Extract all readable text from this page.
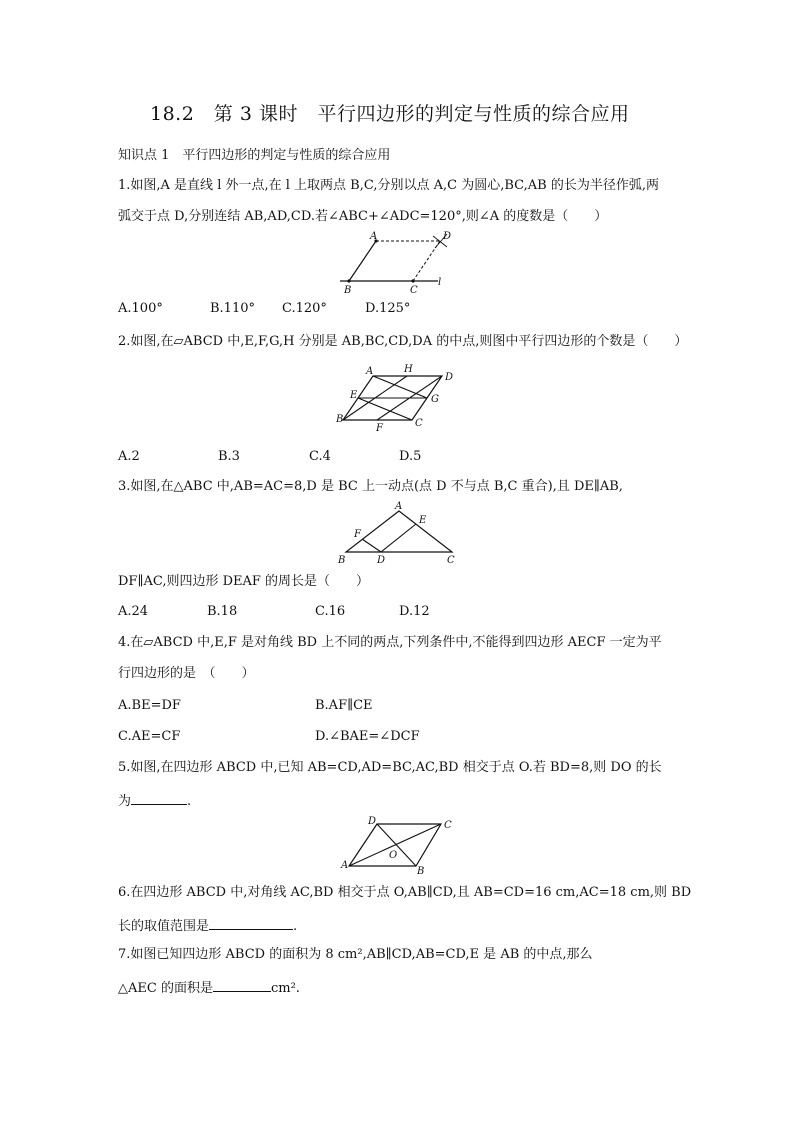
18.2　第 3 课时　平行四边形的判定与性质的综合应用
知识点 1　平行四边形的判定与性质的综合应用
1.如图,A 是直线 l 外一点,在 l 上取两点 B,C,分别以点 A,C 为圆心,BC,AB 的长为半径作弧,两
弧交于点 D,分别连结 AB,AD,CD.若∠ABC+∠ADC=120°,则∠A 的度数是（　　）
A	D
B	C
l
A.100°	B.110° C.120°	D.125°
2.如图,在▱ABCD 中,E,F,G,H 分别是 AB,BC,CD,DA 的中点,则图中平行四边形的个数是（　　）
A	H
D
E	G
B
F	C
A.2	B.3	C.4	D.5
3.如图,在△ABC 中,AB=AC=8,D 是 BC 上一动点(点 D 不与点 B,C 重合),且 DE∥AB,
A
E
F
B	D	C
DF∥AC,则四边形 DEAF 的周长是（　　）
A.24	B.18	C.16	D.12
4.在▱ABCD 中,E,F 是对角线 BD 上不同的两点,下列条件中,不能得到四边形 AECF 一定为平
行四边形的是　（　　）
A.BE=DF	B.AF∥CE
C.AE=CF	D.∠BAE=∠DCF
5.如图,在四边形 ABCD 中,已知 AB=CD,AD=BC,AC,BD 相交于点 O.若 BD=8,则 DO 的长
为	.
D	C
O
A
B
6.在四边形 ABCD 中,对角线 AC,BD 相交于点 O,AB∥CD,且 AB=CD=16 cm,AC=18 cm,则 BD
长的取值范围是	.
7.如图已知四边形 ABCD 的面积为 8 cm²,AB∥CD,AB=CD,E 是 AB 的中点,那么
△AEC 的面积是	cm².
